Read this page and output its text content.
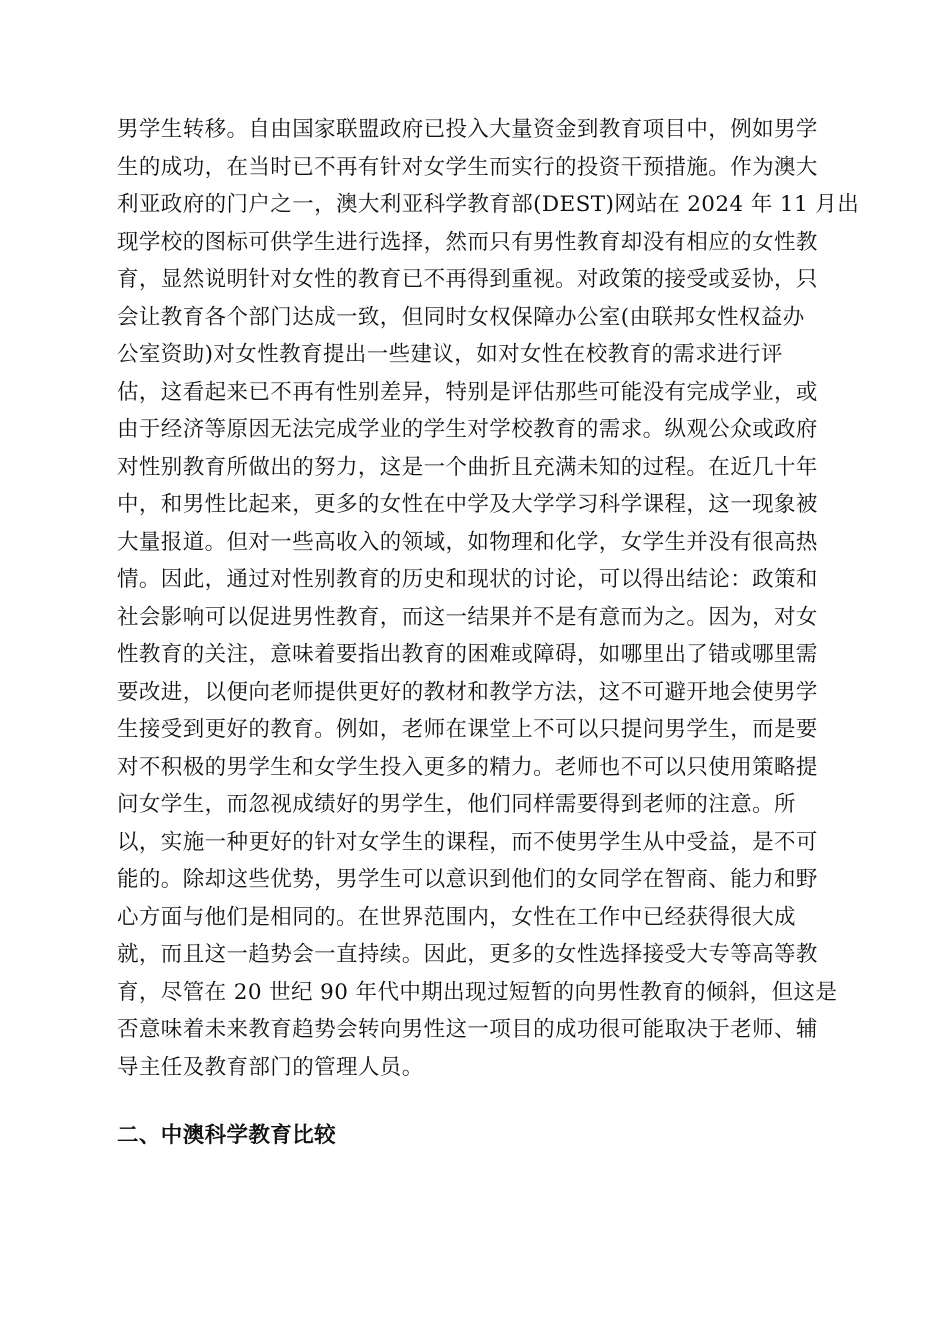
男学生转移。自由国家联盟政府已投入大量资金到教育项目中，例如男学
生的成功，在当时已不再有针对女学生而实行的投资干预措施。作为澳大
利亚政府的门户之一，澳大利亚科学教育部(DEST)网站在 2024 年 11 月出
现学校的图标可供学生进行选择，然而只有男性教育却没有相应的女性教
育，显然说明针对女性的教育已不再得到重视。对政策的接受或妥协，只
会让教育各个部门达成一致，但同时女权保障办公室(由联邦女性权益办
公室资助)对女性教育提出一些建议，如对女性在校教育的需求进行评
估，这看起来已不再有性别差异，特别是评估那些可能没有完成学业，或
由于经济等原因无法完成学业的学生对学校教育的需求。纵观公众或政府
对性别教育所做出的努力，这是一个曲折且充满未知的过程。在近几十年
中，和男性比起来，更多的女性在中学及大学学习科学课程，这一现象被
大量报道。但对一些高收入的领域，如物理和化学，女学生并没有很高热
情。因此，通过对性别教育的历史和现状的讨论，可以得出结论：政策和
社会影响可以促进男性教育，而这一结果并不是有意而为之。因为，对女
性教育的关注，意味着要指出教育的困难或障碍，如哪里出了错或哪里需
要改进，以便向老师提供更好的教材和教学方法，这不可避开地会使男学
生接受到更好的教育。例如，老师在课堂上不可以只提问男学生，而是要
对不积极的男学生和女学生投入更多的精力。老师也不可以只使用策略提
问女学生，而忽视成绩好的男学生，他们同样需要得到老师的注意。所
以，实施一种更好的针对女学生的课程，而不使男学生从中受益，是不可
能的。除却这些优势，男学生可以意识到他们的女同学在智商、能力和野
心方面与他们是相同的。在世界范围内，女性在工作中已经获得很大成
就，而且这一趋势会一直持续。因此，更多的女性选择接受大专等高等教
育，尽管在 20 世纪 90 年代中期出现过短暂的向男性教育的倾斜，但这是
否意味着未来教育趋势会转向男性这一项目的成功很可能取决于老师、辅
导主任及教育部门的管理人员。
二、中澳科学教育比较
